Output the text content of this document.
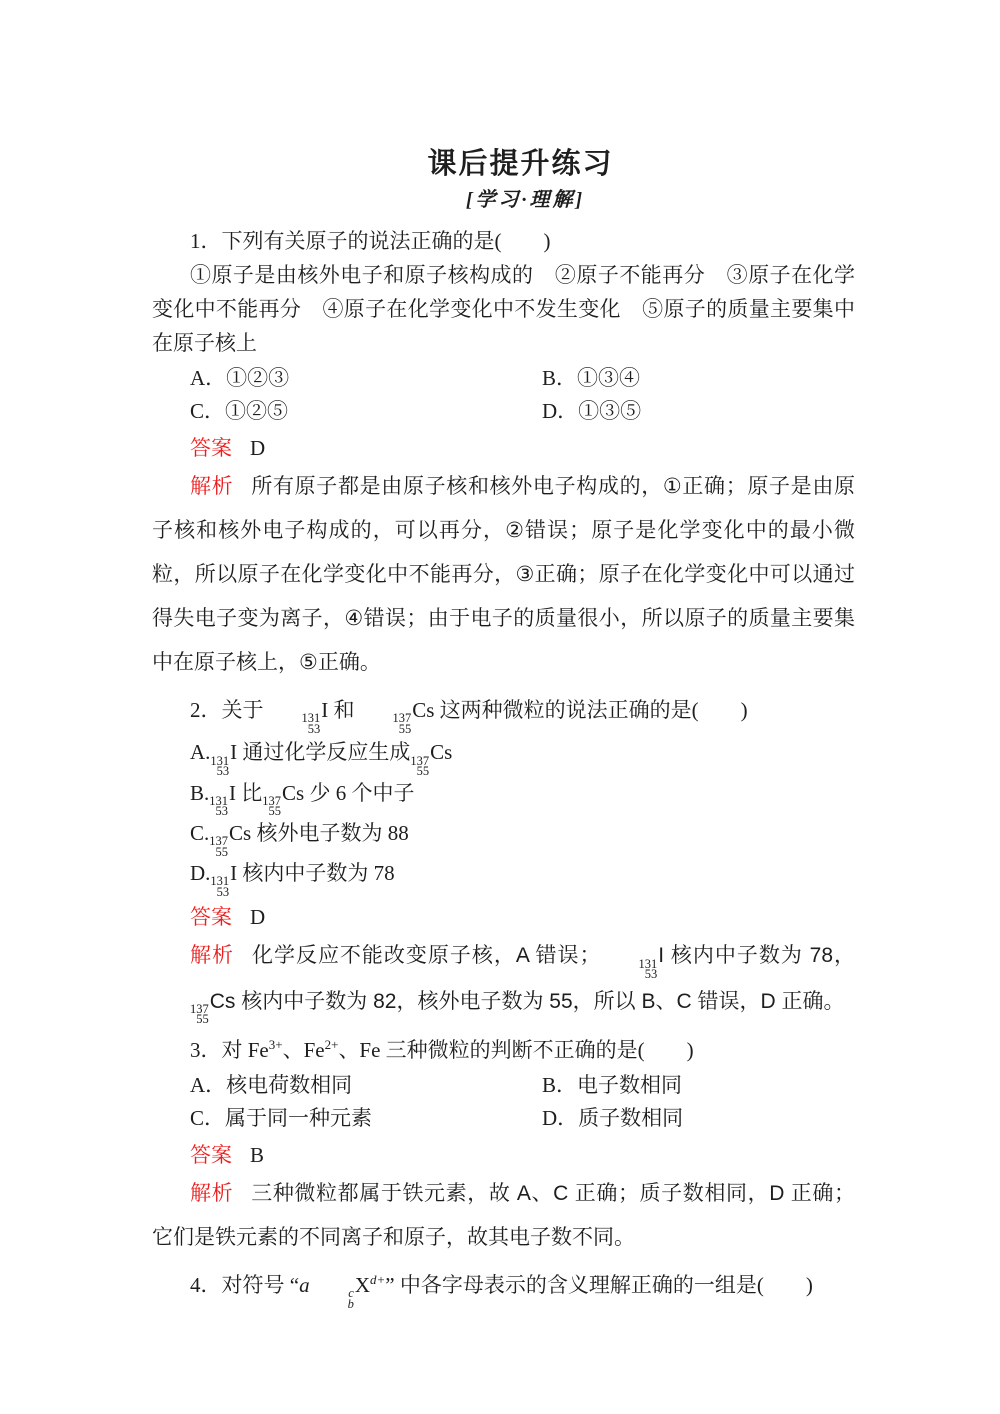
课后提升练习
[学习·理解]

1．下列有关原子的说法正确的是(　　)

①原子是由核外电子和原子核构成的　②原子不能再分　③原子在化学变化中不能再分　④原子在化学变化中不发生变化　⑤原子的质量主要集中在原子核上

A．①②③	B．①③④
C．①②⑤	D．①③⑤

答案 D

解析 所有原子都是由原子核和核外电子构成的，①正确；原子是由原子核和核外电子构成的，可以再分，②错误；原子是化学变化中的最小微粒，所以原子在化学变化中不能再分，③正确；原子在化学变化中可以通过得失电子变为离子，④错误；由于电子的质量很小，所以原子的质量主要集中在原子核上，⑤正确。

2．关于	131
53
I 和	137
55
Cs 这两种微粒的说法正确的是(　　)

A. 131
53
I 通过化学反应生成 137
55
Cs
B. 131
53
I 比 137
55
Cs 少 6 个中子
C. 137
55
Cs 核外电子数为 88
D. 131
53
I 核内中子数为 78

答案 D

解析 化学反应不能改变原子核，A 错误；	131
53
I 核内中子数为 78，
137
55
Cs 核内中子数为 82，核外电子数为 55，所以 B、C 错误，D 正确。

3．对 $Fe^{3+}$、$Fe^{2+}$、Fe 三种微粒的判断不正确的是(　　)

A．核电荷数相同	B．电子数相同
C．属于同一种元素	D．质子数相同

答案 B

解析 三种微粒都属于铁元素，故 A、C 正确；质子数相同，D 正确；它们是铁元素的不同离子和原子，故其电子数不同。

4．对符号 “a	c
b
$X^{d+}$” 中各字母表示的含义理解正确的一组是(　　)
